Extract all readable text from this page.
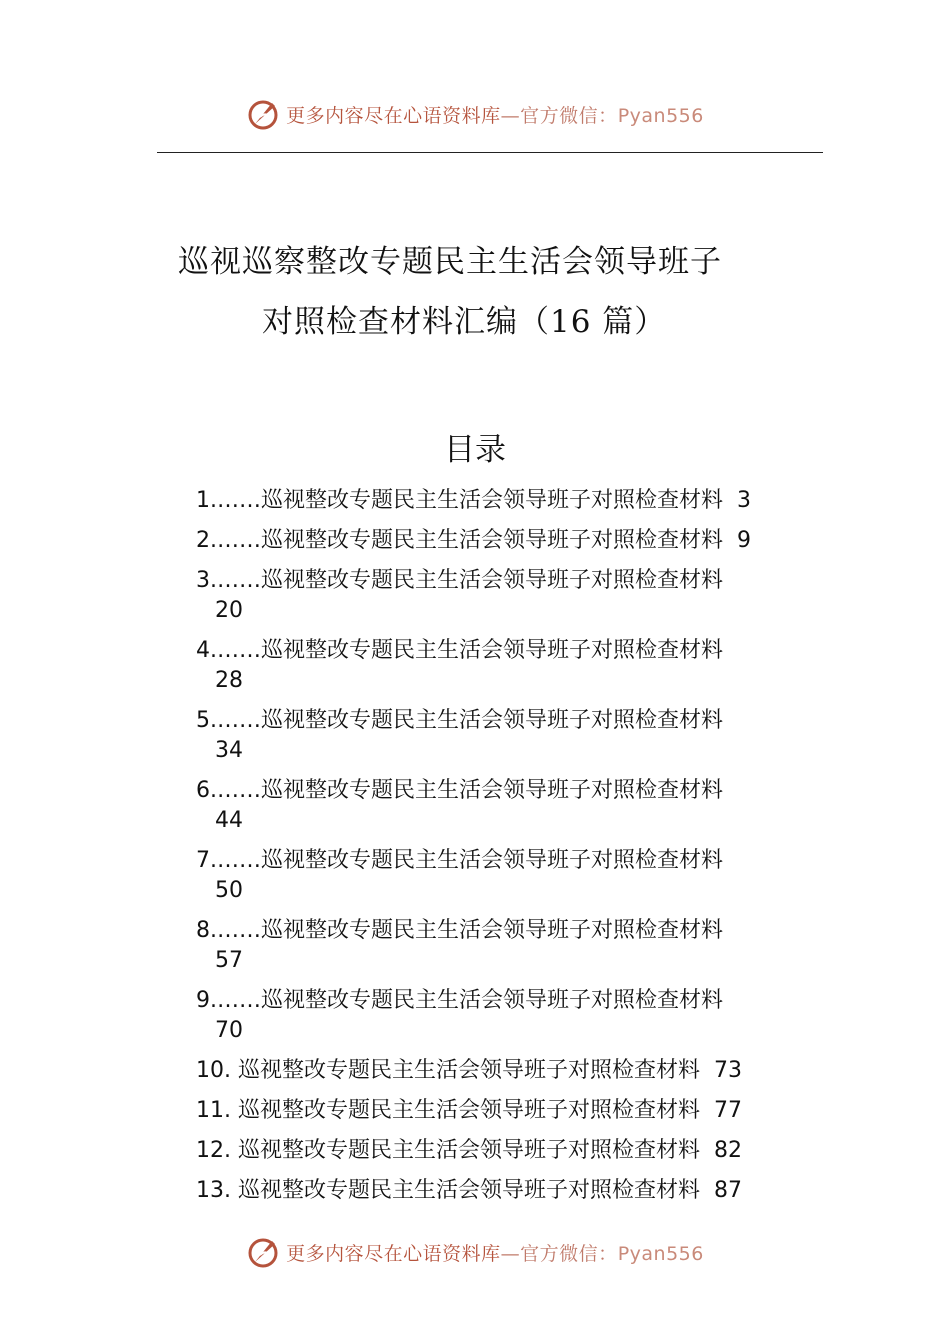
更多内容尽在心语资料库—官方微信：Pyan556
巡视巡察整改专题民主生活会领导班子
对照检查材料汇编（16 篇）
目录
1.……巡视整改专题民主生活会领导班子对照检查材料 3
2.……巡视整改专题民主生活会领导班子对照检查材料 9
3.……巡视整改专题民主生活会领导班子对照检查材料
20
4.……巡视整改专题民主生活会领导班子对照检查材料
28
5.……巡视整改专题民主生活会领导班子对照检查材料
34
6.……巡视整改专题民主生活会领导班子对照检查材料
44
7.……巡视整改专题民主生活会领导班子对照检查材料
50
8.……巡视整改专题民主生活会领导班子对照检查材料
57
9.……巡视整改专题民主生活会领导班子对照检查材料
70
10. 巡视整改专题民主生活会领导班子对照检查材料 73
11. 巡视整改专题民主生活会领导班子对照检查材料 77
12. 巡视整改专题民主生活会领导班子对照检查材料 82
13. 巡视整改专题民主生活会领导班子对照检查材料 87
更多内容尽在心语资料库—官方微信：Pyan556
